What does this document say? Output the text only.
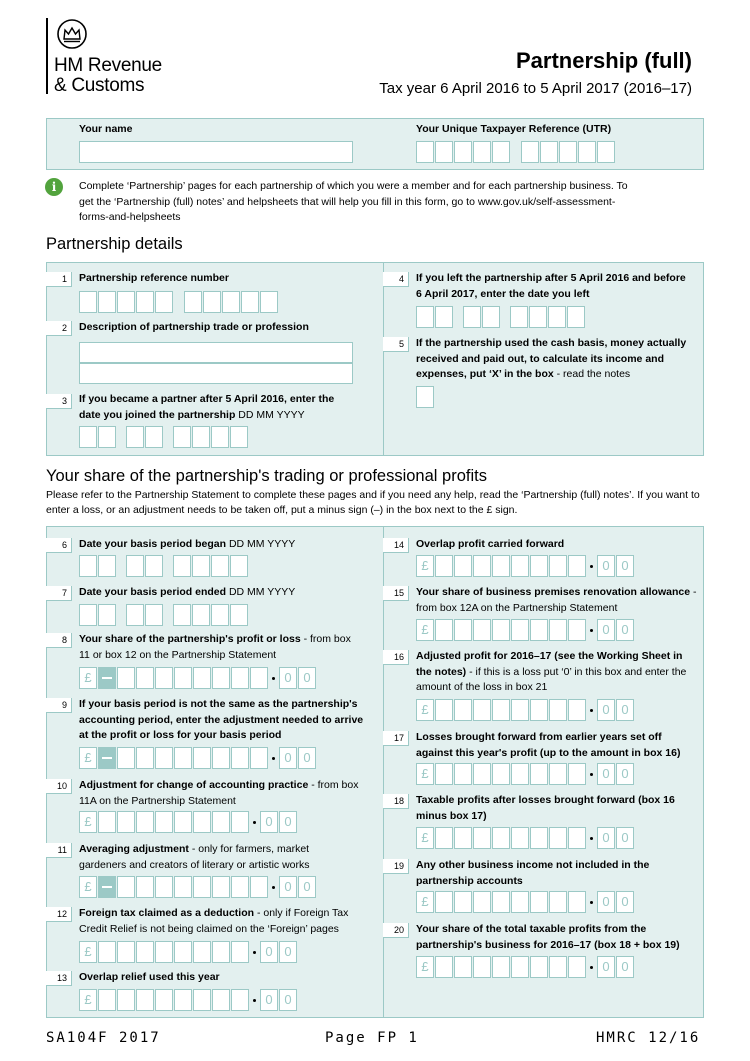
HM Revenue
& Customs
Partnership (full)
Tax year 6 April 2016 to 5 April 2017 (2016–17)
Your name	Your Unique Taxpayer Reference (UTR)
i	Complete ‘Partnership’ pages for each partnership of which you were a member and for each partnership business. To get the ‘Partnership (full) notes’ and helpsheets that will help you fill in this form, go to www.gov.uk/self-assessment-forms-and-helpsheets
Partnership details
1	Partnership reference number
2	Description of partnership trade or profession
3	If you became a partner after 5 April 2016, enter the date you joined the partnership DD MM YYYY
4	If you left the partnership after 5 April 2016 and before 6 April 2017, enter the date you left
5	If the partnership used the cash basis, money actually received and paid out, to calculate its income and expenses, put ‘X’ in the box - read the notes
Your share of the partnership's trading or professional profits
Please refer to the Partnership Statement to complete these pages and if you need any help, read the ‘Partnership (full) notes’. If you want to enter a loss, or an adjustment needs to be taken off, put a minus sign (–) in the box next to the £ sign.
6	Date your basis period began DD MM YYYY
7	Date your basis period ended DD MM YYYY
8	Your share of the partnership's profit or loss - from box 11 or box 12 on the Partnership Statement
£	0 0
9	If your basis period is not the same as the partnership's accounting period, enter the adjustment needed to arrive at the profit or loss for your basis period
£	0 0
10	Adjustment for change of accounting practice - from box 11A on the Partnership Statement
£	0 0
11	Averaging adjustment - only for farmers, market gardeners and creators of literary or artistic works
£	0 0
12	Foreign tax claimed as a deduction - only if Foreign Tax Credit Relief is not being claimed on the ‘Foreign’ pages
£	0 0
13	Overlap relief used this year
£	0 0
14	Overlap profit carried forward
£	0 0
15	Your share of business premises renovation allowance - from box 12A on the Partnership Statement
£	0 0
16	Adjusted profit for 2016–17 (see the Working Sheet in the notes) - if this is a loss put ‘0’ in this box and enter the amount of the loss in box 21
£	0 0
17	Losses brought forward from earlier years set off against this year's profit (up to the amount in box 16)
£	0 0
18	Taxable profits after losses brought forward (box 16 minus box 17)
£	0 0
19	Any other business income not included in the partnership accounts
£	0 0
20	Your share of the total taxable profits from the partnership's business for 2016–17 (box 18 + box 19)
£	0 0
SA104F 2017	Page FP 1	HMRC 12/16
